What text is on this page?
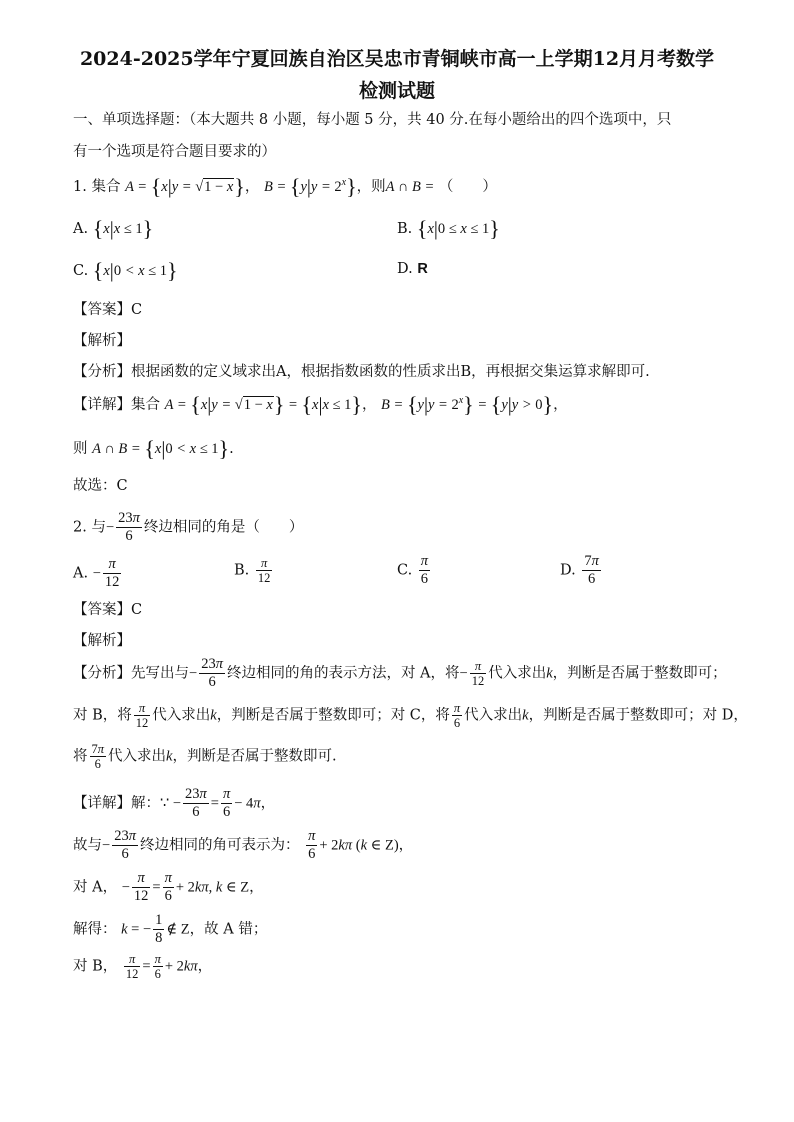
2024-2025学年宁夏回族自治区吴忠市青铜峡市高一上学期12月月考数学
检测试题
一、单项选择题：（本大题共 8 小题，每小题 5 分，共 40 分.在每小题给出的四个选项中，只
有一个选项是符合题目要求的）
1. 集合 A = {x|y = √1 − x}， $B = \{y|y = 2^x\}$，则A ∩ B = （　　）
A. {x|x ≤ 1}	B. {x|0 ≤ x ≤ 1}
C. {x|0 < x ≤ 1}	D. R
【答案】C
【解析】
【分析】根据函数的定义域求出A，根据指数函数的性质求出B，再根据交集运算求解即可.
【详解】集合 A = {x|y = √1 − x} = {x|x ≤ 1}， $B = \{y|y = 2^x\} = \{y|y > 0\}$，
则 A ∩ B = {x|0 < x ≤ 1}.
故选：C
2. 与− $\frac{23\pi}{6}$ 终边相同的角是（　　）
A. − $\frac{\pi}{12}$	B. $\frac{\pi}{12}$	C. $\frac{\pi}{6}$	D. $\frac{7\pi}{6}$
【答案】C
【解析】
【分析】先写出与− $\frac{23\pi}{6}$ 终边相同的角的表示方法，对 A，将− $\frac{\pi}{12}$ 代入求出k，判断是否属于整数即可；
对 B，将 $\frac{\pi}{12}$ 代入求出k，判断是否属于整数即可；对 C，将 $\frac{\pi}{6}$ 代入求出k，判断是否属于整数即可；对 D，
将 $\frac{7\pi}{6}$ 代入求出k，判断是否属于整数即可.
【详解】解：∵ − $\frac{23\pi}{6} = \frac{\pi}{6} - 4\pi$，
故与− $\frac{23\pi}{6}$ 终边相同的角可表示为： $\frac{\pi}{6} + 2k\pi$ (k ∈ Z)，
对 A， − $\frac{\pi}{12} = \frac{\pi}{6} + 2k\pi$, k ∈ Z，
解得： k = − $\frac{1}{8}$ ∉ Z，故 A 错；
对 B， $\frac{\pi}{12} = \frac{\pi}{6} + 2k\pi$，
